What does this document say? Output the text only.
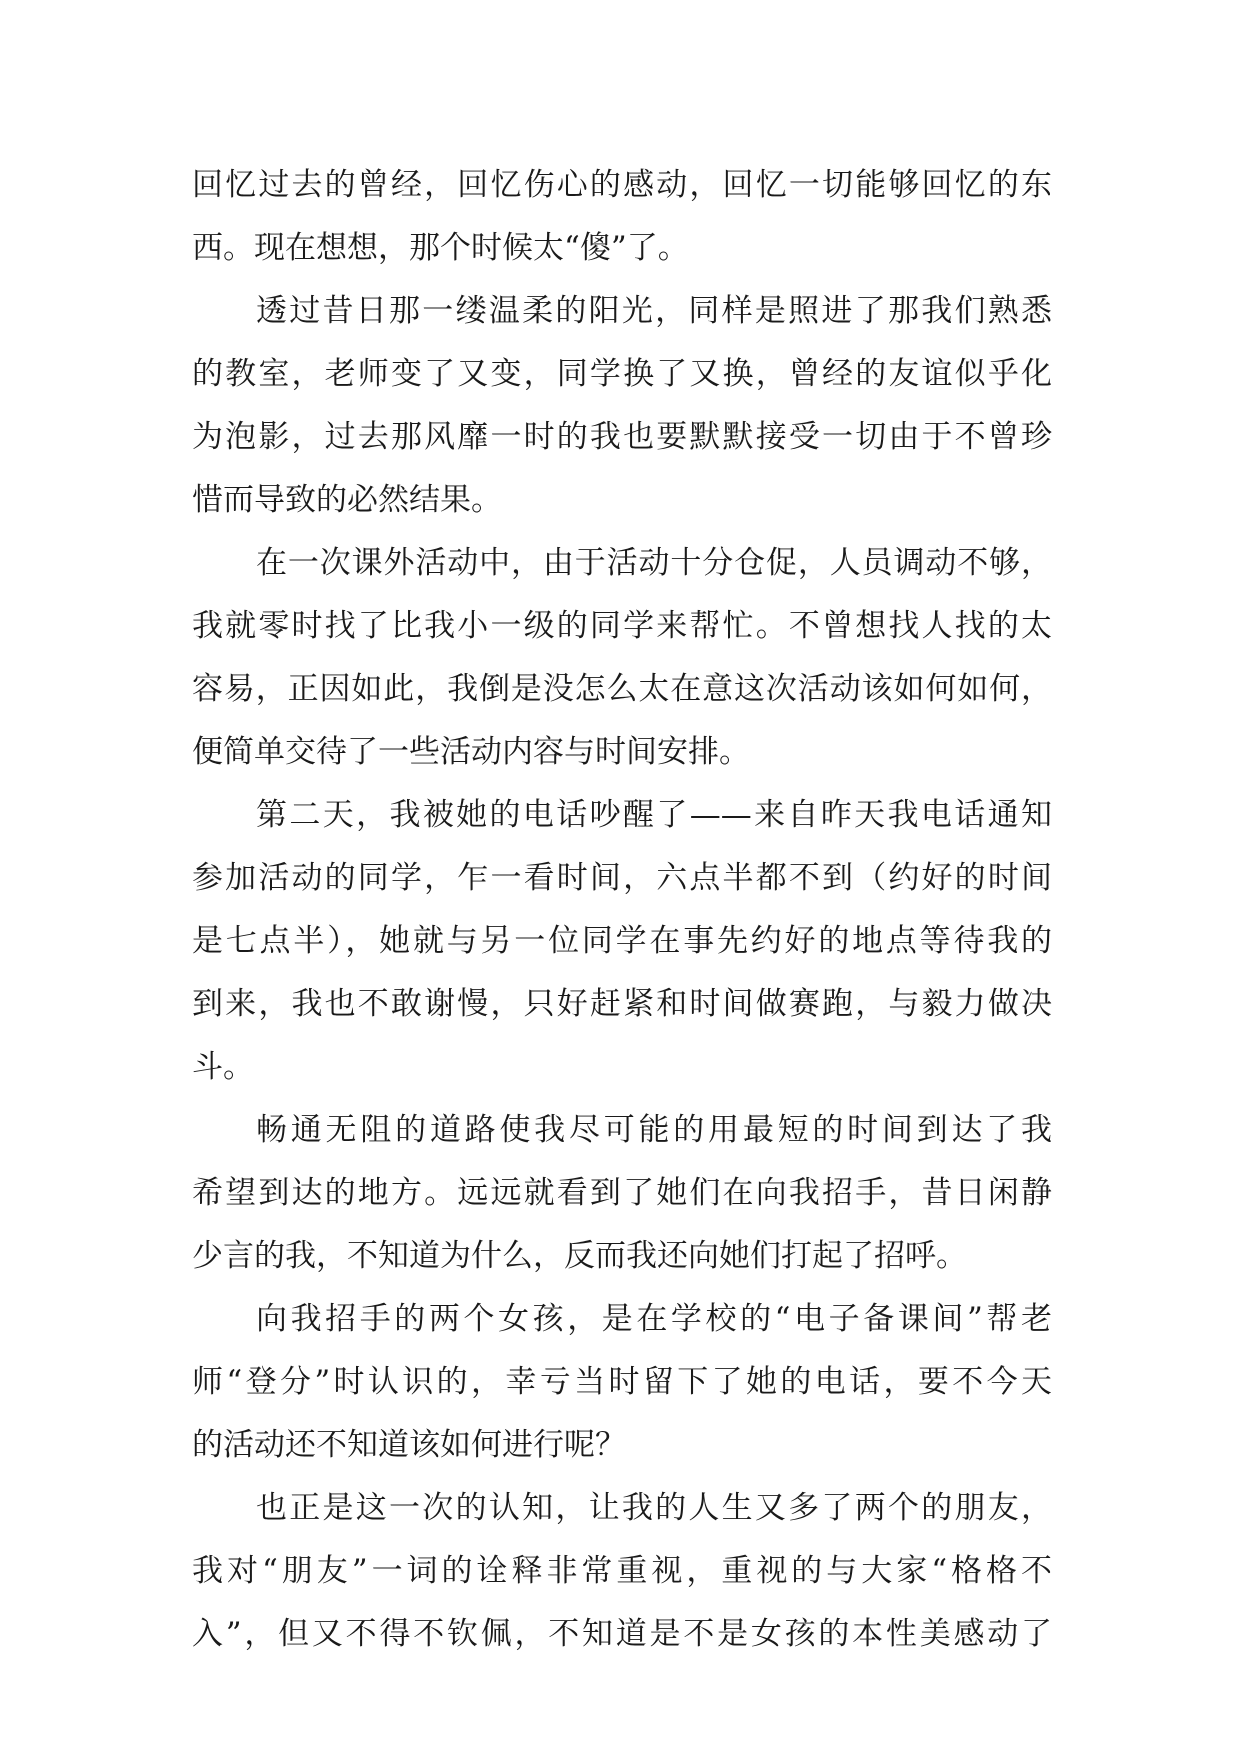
回忆过去的曾经，回忆伤心的感动，回忆一切能够回忆的东
西。现在想想，那个时候太“傻”了。
透过昔日那一缕温柔的阳光，同样是照进了那我们熟悉
的教室，老师变了又变，同学换了又换，曾经的友谊似乎化
为泡影，过去那风靡一时的我也要默默接受一切由于不曾珍
惜而导致的必然结果。
在一次课外活动中，由于活动十分仓促，人员调动不够，
我就零时找了比我小一级的同学来帮忙。不曾想找人找的太
容易，正因如此，我倒是没怎么太在意这次活动该如何如何，
便简单交待了一些活动内容与时间安排。
第二天，我被她的电话吵醒了——来自昨天我电话通知
参加活动的同学，乍一看时间，六点半都不到（约好的时间
是七点半），她就与另一位同学在事先约好的地点等待我的
到来，我也不敢谢慢，只好赶紧和时间做赛跑，与毅力做决
斗。
畅通无阻的道路使我尽可能的用最短的时间到达了我
希望到达的地方。远远就看到了她们在向我招手，昔日闲静
少言的我，不知道为什么，反而我还向她们打起了招呼。
向我招手的两个女孩，是在学校的“电子备课间”帮老
师“登分”时认识的，幸亏当时留下了她的电话，要不今天
的活动还不知道该如何进行呢？
也正是这一次的认知，让我的人生又多了两个的朋友，
我对“朋友”一词的诠释非常重视，重视的与大家“格格不
入”，但又不得不钦佩，不知道是不是女孩的本性美感动了
